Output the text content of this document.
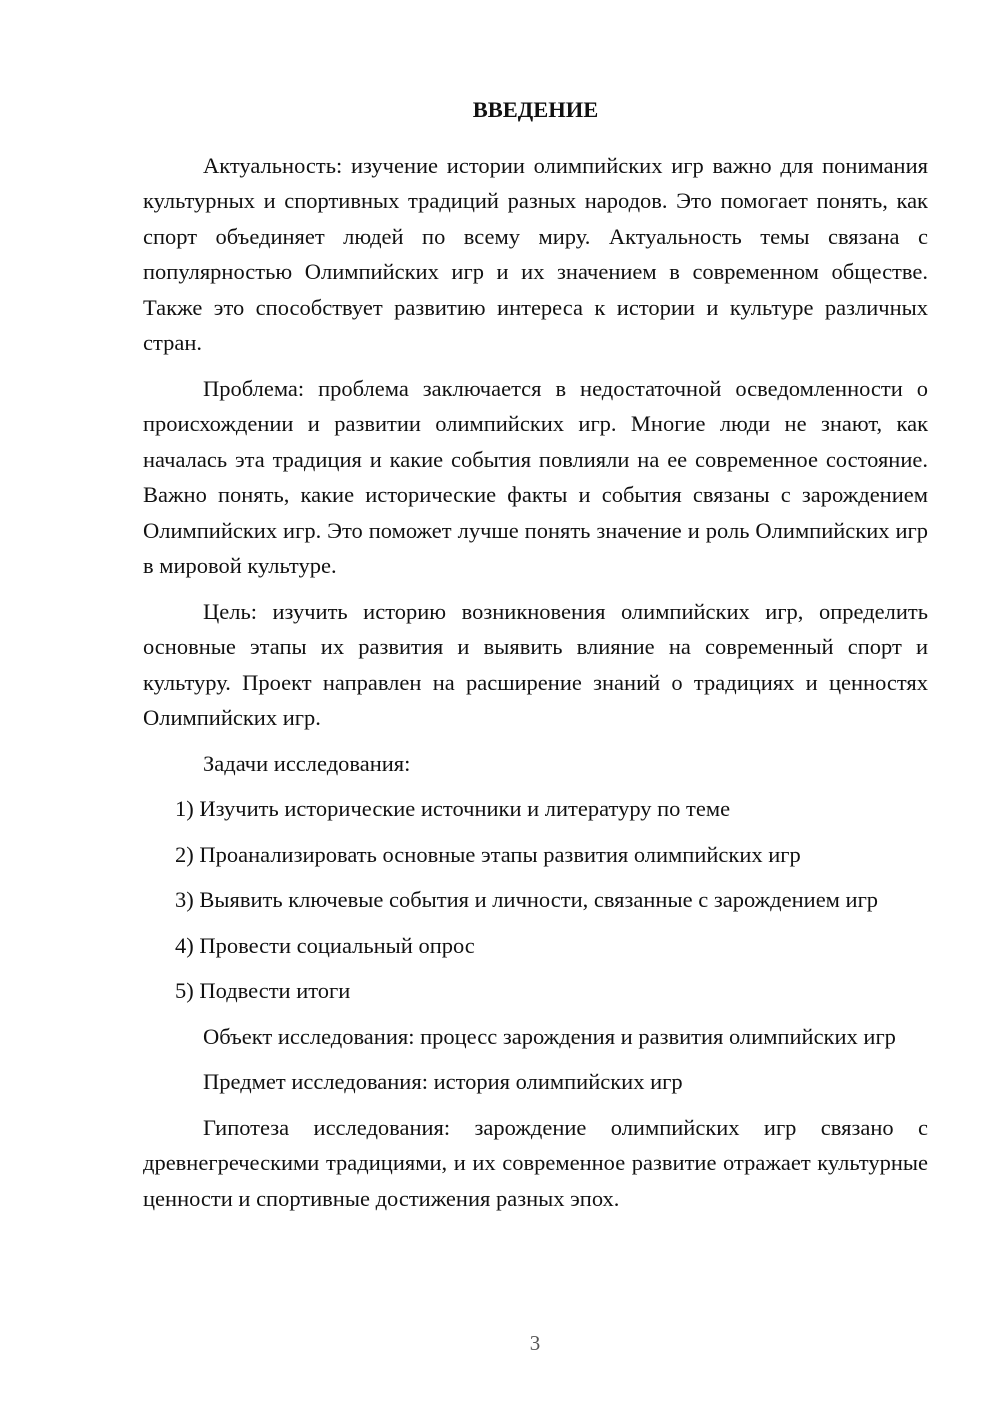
ВВЕДЕНИЕ

Актуальность: изучение истории олимпийских игр важно для понимания культурных и спортивных традиций разных народов. Это помогает понять, как спорт объединяет людей по всему миру. Актуальность темы связана с популярностью Олимпийских игр и их значением в современном обществе. Также это способствует развитию интереса к истории и культуре различных стран.

Проблема: проблема заключается в недостаточной осведомленности о происхождении и развитии олимпийских игр. Многие люди не знают, как началась эта традиция и какие события повлияли на ее современное состояние. Важно понять, какие исторические факты и события связаны с зарождением Олимпийских игр. Это поможет лучше понять значение и роль Олимпийских игр в мировой культуре.

Цель: изучить историю возникновения олимпийских игр, определить основные этапы их развития и выявить влияние на современный спорт и культуру. Проект направлен на расширение знаний о традициях и ценностях Олимпийских игр.

Задачи исследования:

1) Изучить исторические источники и литературу по теме

2) Проанализировать основные этапы развития олимпийских игр

3) Выявить ключевые события и личности, связанные с зарождением игр

4) Провести социальный опрос

5) Подвести итоги

Объект исследования: процесс зарождения и развития олимпийских игр

Предмет исследования: история олимпийских игр

Гипотеза исследования: зарождение олимпийских игр связано с древнегреческими традициями, и их современное развитие отражает культурные ценности и спортивные достижения разных эпох.

3
